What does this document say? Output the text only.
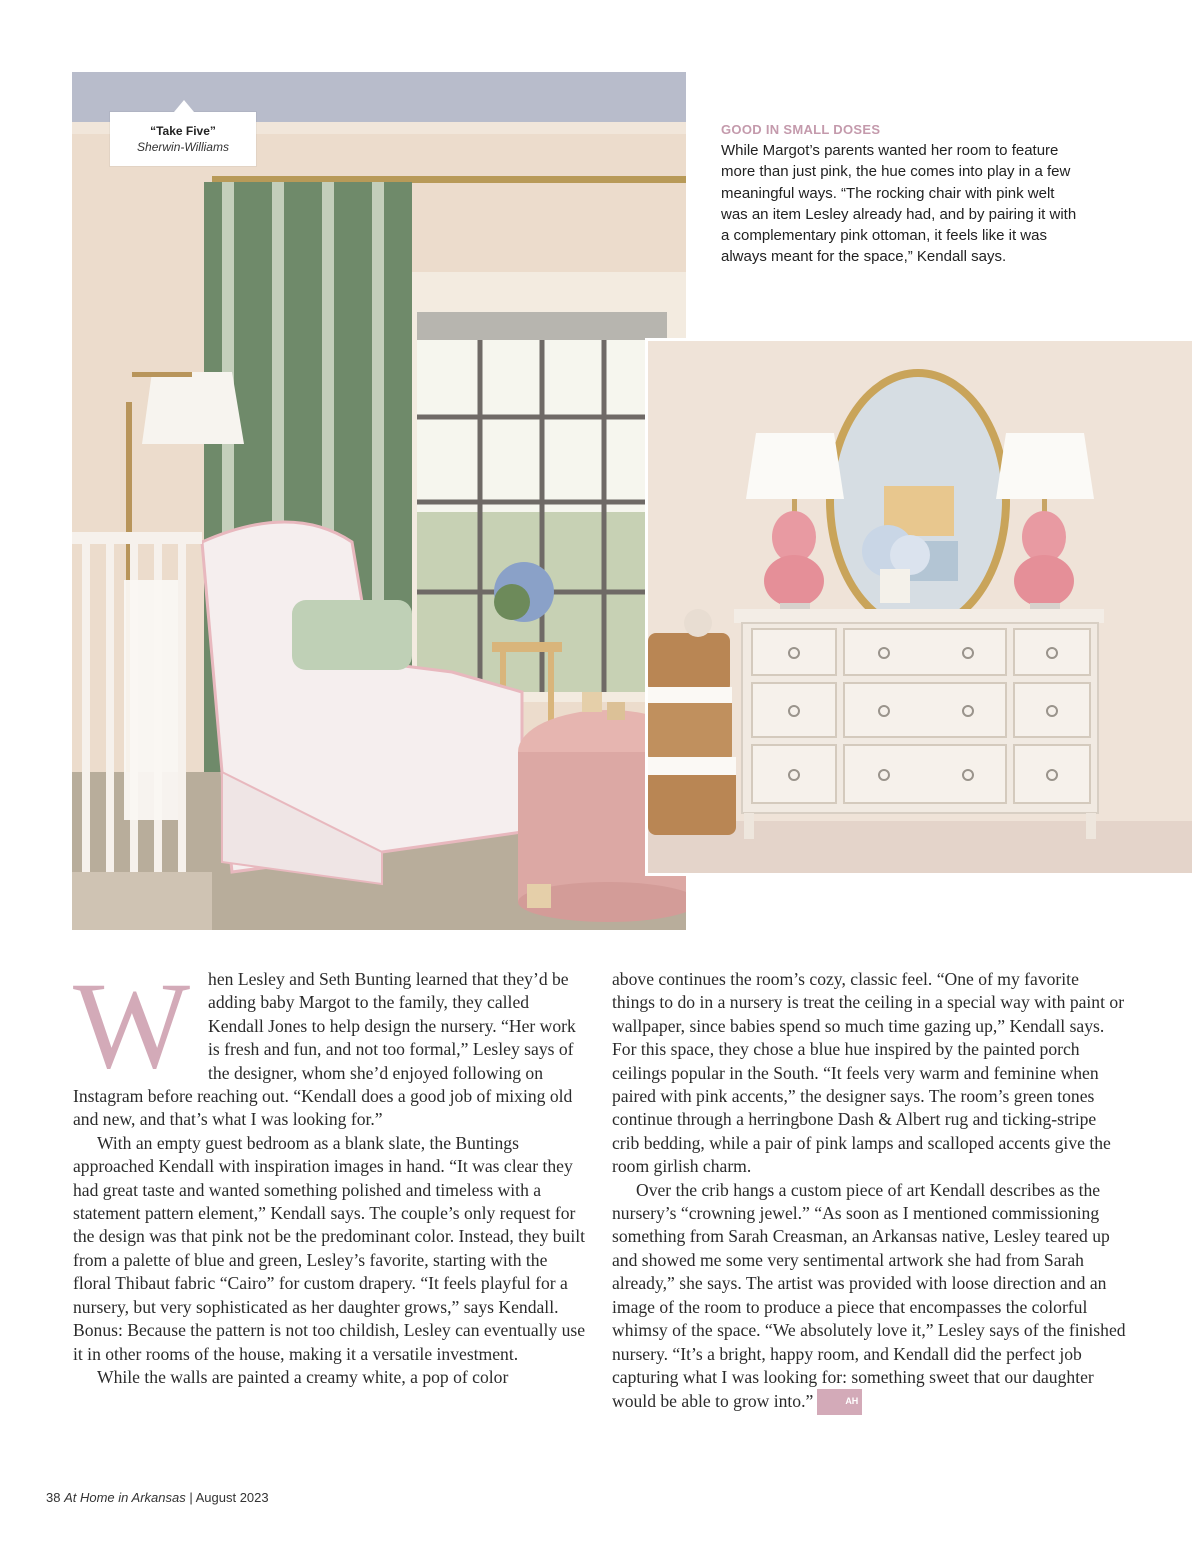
“Take Five”
Sherwin-Williams

GOOD IN SMALL DOSES

While Margot’s parents wanted her room to feature more than just pink, the hue comes into play in a few meaningful ways. “The rocking chair with pink welt was an item Lesley already had, and by pairing it with a complementary pink ottoman, it feels like it was always meant for the space,” Kendall says.

W	hen Lesley and Seth Bunting learned that they’d be adding baby Margot to the family, they called Kendall Jones to help design the nursery. “Her work is fresh and fun, and not too formal,” Lesley says of the designer, whom she’d enjoyed following on Instagram before reaching out. “Kendall does a good job of mixing old and new, and that’s what I was looking for.”

With an empty guest bedroom as a blank slate, the Buntings approached Kendall with inspiration images in hand. “It was clear they had great taste and wanted something polished and timeless with a statement pattern element,” Kendall says. The couple’s only request for the design was that pink not be the predominant color. Instead, they built from a palette of blue and green, Lesley’s favorite, starting with the floral Thibaut fabric “Cairo” for custom drapery. “It feels playful for a nursery, but very sophisticated as her daughter grows,” says Kendall. Bonus: Because the pattern is not too childish, Lesley can eventually use it in other rooms of the house, making it a versatile investment.

While the walls are painted a creamy white, a pop of color

above continues the room’s cozy, classic feel. “One of my favorite things to do in a nursery is treat the ceiling in a special way with paint or wallpaper, since babies spend so much time gazing up,” Kendall says. For this space, they chose a blue hue inspired by the painted porch ceilings popular in the South. “It feels very warm and feminine when paired with pink accents,” the designer says. The room’s green tones continue through a herringbone Dash & Albert rug and ticking-stripe crib bedding, while a pair of pink lamps and scalloped accents give the room girlish charm.

Over the crib hangs a custom piece of art Kendall describes as the nursery’s “crowning jewel.” “As soon as I mentioned commissioning something from Sarah Creasman, an Arkansas native, Lesley teared up and showed me some very sentimental artwork she had from Sarah already,” she says. The artist was provided with loose direction and an image of the room to produce a piece that encompasses the colorful whimsy of the space. “We absolutely love it,” Lesley says of the finished nursery. “It’s a bright, happy room, and Kendall did the perfect job capturing what I was looking for: something sweet that our daughter would be able to grow into.”	AH

38 At Home in Arkansas | August 2023
